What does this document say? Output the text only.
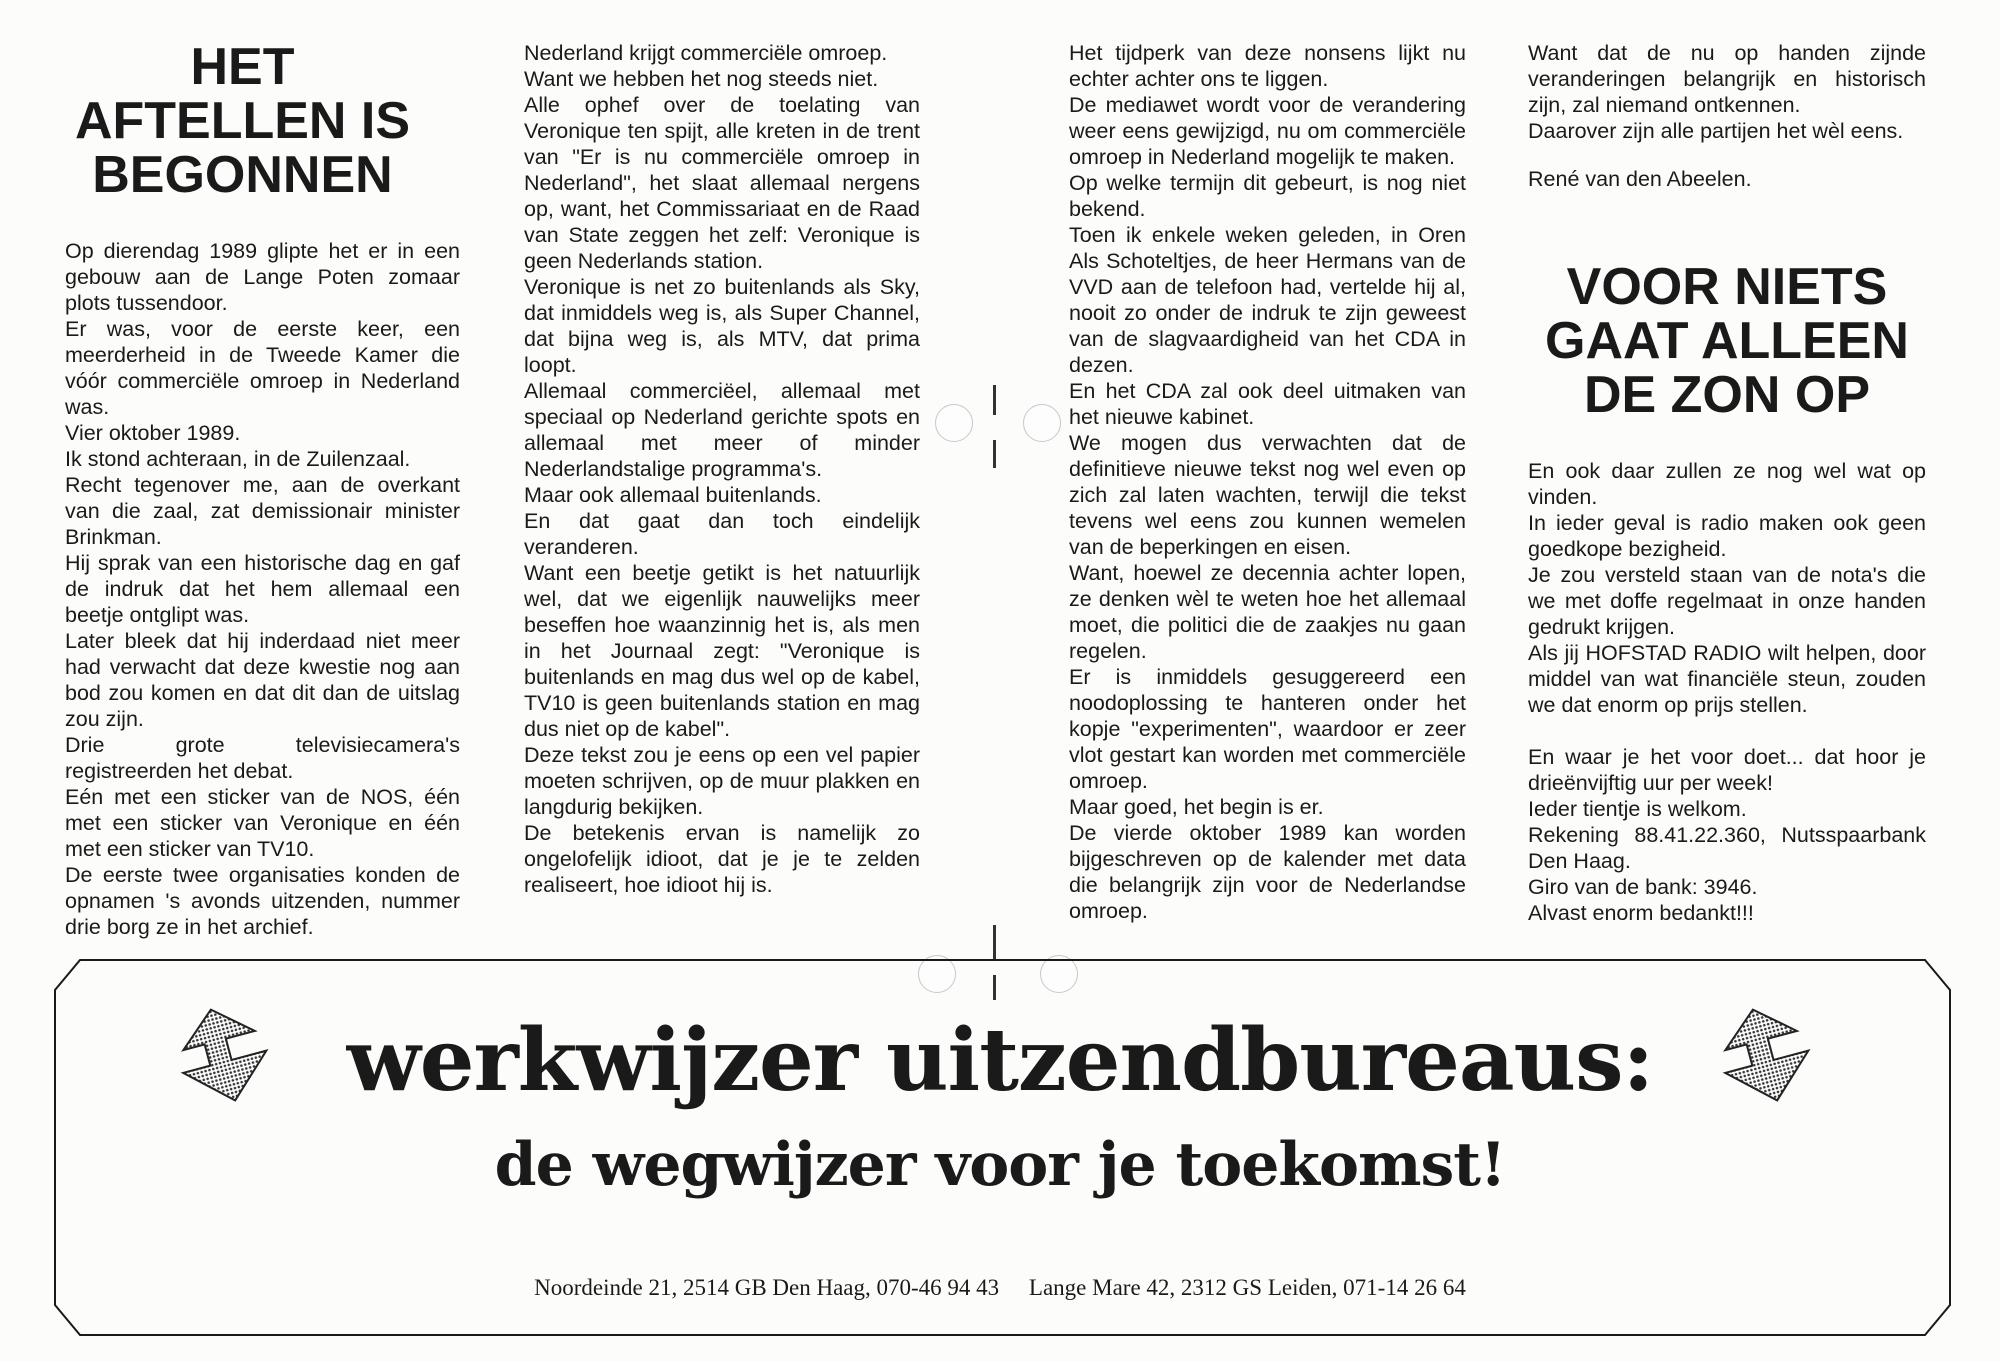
HET
AFTELLEN IS
BEGONNEN

Op dierendag 1989 glipte het er in een gebouw aan de Lange Poten zomaar plots tussendoor.

Er was, voor de eerste keer, een meerderheid in de Tweede Kamer die vóór commerciële omroep in Nederland was.

Vier oktober 1989.

Ik stond achteraan, in de Zuilenzaal.

Recht tegenover me, aan de overkant van die zaal, zat demissionair minister Brinkman.

Hij sprak van een historische dag en gaf de indruk dat het hem allemaal een beetje ontglipt was.

Later bleek dat hij inderdaad niet meer had verwacht dat deze kwestie nog aan bod zou komen en dat dit dan de uitslag zou zijn.

Drie grote televisiecamera's registreerden het debat.

Eén met een sticker van de NOS, één met een sticker van Veronique en één met een sticker van TV10.

De eerste twee organisaties konden de opnamen 's avonds uitzenden, nummer drie borg ze in het archief.

Nederland krijgt commerciële omroep.

Want we hebben het nog steeds niet.

Alle ophef over de toelating van Veronique ten spijt, alle kreten in de trent van "Er is nu commerciële omroep in Nederland", het slaat allemaal nergens op, want, het Commissariaat en de Raad van State zeggen het zelf: Veronique is geen Nederlands station.

Veronique is net zo buitenlands als Sky, dat inmiddels weg is, als Super Channel, dat bijna weg is, als MTV, dat prima loopt.

Allemaal commerciëel, allemaal met speciaal op Nederland gerichte spots en allemaal met meer of minder Nederlandstalige programma's.

Maar ook allemaal buitenlands.

En dat gaat dan toch eindelijk veranderen.

Want een beetje getikt is het natuurlijk wel, dat we eigenlijk nauwelijks meer beseffen hoe waanzinnig het is, als men in het Journaal zegt: "Veronique is buitenlands en mag dus wel op de kabel, TV10 is geen buitenlands station en mag dus niet op de kabel".

Deze tekst zou je eens op een vel papier moeten schrijven, op de muur plakken en langdurig bekijken.

De betekenis ervan is namelijk zo ongelofelijk idioot, dat je je te zelden realiseert, hoe idioot hij is.

Het tijdperk van deze nonsens lijkt nu echter achter ons te liggen.

De mediawet wordt voor de verandering weer eens gewijzigd, nu om commerciële omroep in Nederland mogelijk te maken.

Op welke termijn dit gebeurt, is nog niet bekend.

Toen ik enkele weken geleden, in Oren Als Schoteltjes, de heer Hermans van de VVD aan de telefoon had, vertelde hij al, nooit zo onder de indruk te zijn geweest van de slagvaardigheid van het CDA in dezen.

En het CDA zal ook deel uitmaken van het nieuwe kabinet.

We mogen dus verwachten dat de definitieve nieuwe tekst nog wel even op zich zal laten wachten, terwijl die tekst tevens wel eens zou kunnen wemelen van de beperkingen en eisen.

Want, hoewel ze decennia achter lopen, ze denken wèl te weten hoe het allemaal moet, die politici die de zaakjes nu gaan regelen.

Er is inmiddels gesuggereerd een noodoplossing te hanteren onder het kopje "experimenten", waardoor er zeer vlot gestart kan worden met commerciële omroep.

Maar goed, het begin is er.

De vierde oktober 1989 kan worden bijgeschreven op de kalender met data die belangrijk zijn voor de Nederlandse omroep.

Want dat de nu op handen zijnde veranderingen belangrijk en historisch zijn, zal niemand ontkennen.

Daarover zijn alle partijen het wèl eens.

René van den Abeelen.

VOOR NIETS
GAAT ALLEEN
DE ZON OP

En ook daar zullen ze nog wel wat op vinden.

In ieder geval is radio maken ook geen goedkope bezigheid.

Je zou versteld staan van de nota's die we met doffe regelmaat in onze handen gedrukt krijgen.

Als jij HOFSTAD RADIO wilt helpen, door middel van wat financiële steun, zouden we dat enorm op prijs stellen.

En waar je het voor doet... dat hoor je drieënvijftig uur per week!

Ieder tientje is welkom.

Rekening 88.41.22.360, Nutsspaarbank Den Haag.

Giro van de bank: 3946.

Alvast enorm bedankt!!!

werkwijzer uitzendbureaus:
de wegwijzer voor je toekomst!
Noordeinde 21, 2514 GB Den Haag, 070-46 94 43 Lange Mare 42, 2312 GS Leiden, 071-14 26 64
